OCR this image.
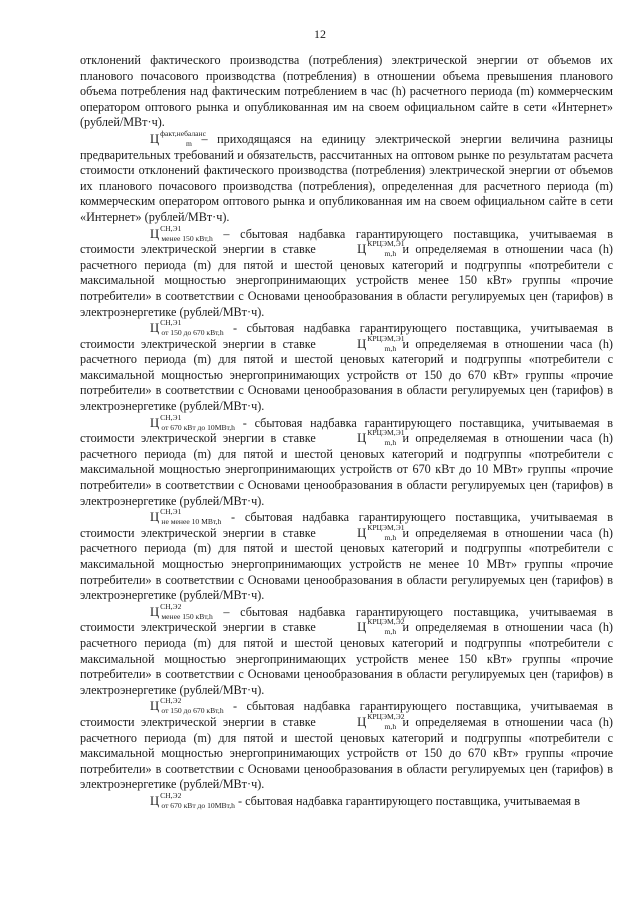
12

отклонений фактического производства (потребления) электрической энергии от объемов их планового почасового производства (потребления) в отношении объема превышения планового объема потребления над фактическим потреблением в час (h) расчетного периода (m) коммерческим оператором оптового рынка и опубликованная им на своем официальном сайте в сети «Интернет» (рублей/МВт·ч).

$Ц^{факт,небаланс}_m$ – приходящаяся на единицу электрической энергии величина разницы предварительных требований и обязательств, рассчитанных на оптовом рынке по результатам расчета стоимости отклонений фактического производства (потребления) электрической энергии от объемов их планового почасового производства (потребления), определенная для расчетного периода (m) коммерческим оператором оптового рынка и опубликованная им на своем официальном сайте в сети «Интернет» (рублей/МВт·ч).

$Ц^{СН,Э1}_{менее 150 кВт,h}$ – сбытовая надбавка гарантирующего поставщика, учитываемая в стоимости электрической энергии в ставке	$Ц^{КРЦЭМ,Э1}_{m,h}$ и определяемая в отношении часа (h) расчетного периода (m) для пятой и шестой ценовых категорий и подгруппы «потребители с максимальной мощностью энергопринимающих устройств менее 150 кВт» группы «прочие потребители» в соответствии с Основами ценообразования в области регулируемых цен (тарифов) в электроэнергетике (рублей/МВт·ч).

$Ц^{СН,Э1}_{от 150 до 670 кВт,h}$ - сбытовая надбавка гарантирующего поставщика, учитываемая в стоимости электрической энергии в ставке	$Ц^{КРЦЭМ,Э1}_{m,h}$ и определяемая в отношении часа (h) расчетного периода (m) для пятой и шестой ценовых категорий и подгруппы «потребители с максимальной мощностью энергопринимающих устройств от 150 до 670 кВт» группы «прочие потребители» в соответствии с Основами ценообразования в области регулируемых цен (тарифов) в электроэнергетике (рублей/МВт·ч).

$Ц^{СН,Э1}_{от 670 кВт до 10МВт,h}$ - сбытовая надбавка гарантирующего поставщика, учитываемая в стоимости электрической энергии в ставке	$Ц^{КРЦЭМ,Э1}_{m,h}$ и определяемая в отношении часа (h) расчетного периода (m) для пятой и шестой ценовых категорий и подгруппы «потребители с максимальной мощностью энергопринимающих устройств от 670 кВт до 10 МВт» группы «прочие потребители» в соответствии с Основами ценообразования в области регулируемых цен (тарифов) в электроэнергетике (рублей/МВт·ч).

$Ц^{СН,Э1}_{не менее 10 МВт,h}$ - сбытовая надбавка гарантирующего поставщика, учитываемая в стоимости электрической энергии в ставке	$Ц^{КРЦЭМ,Э1}_{m,h}$ и определяемая в отношении часа (h) расчетного периода (m) для пятой и шестой ценовых категорий и подгруппы «потребители с максимальной мощностью энергопринимающих устройств не менее 10 МВт» группы «прочие потребители» в соответствии с Основами ценообразования в области регулируемых цен (тарифов) в электроэнергетике (рублей/МВт·ч).

$Ц^{СН,Э2}_{менее 150 кВт,h}$ – сбытовая надбавка гарантирующего поставщика, учитываемая в стоимости электрической энергии в ставке	$Ц^{КРЦЭМ,Э2}_{m,h}$ и определяемая в отношении часа (h) расчетного периода (m) для пятой и шестой ценовых категорий и подгруппы «потребители с максимальной мощностью энергопринимающих устройств менее 150 кВт» группы «прочие потребители» в соответствии с Основами ценообразования в области регулируемых цен (тарифов) в электроэнергетике (рублей/МВт·ч).

$Ц^{СН,Э2}_{от 150 до 670 кВт,h}$ - сбытовая надбавка гарантирующего поставщика, учитываемая в стоимости электрической энергии в ставке	$Ц^{КРЦЭМ,Э2}_{m,h}$ и определяемая в отношении часа (h) расчетного периода (m) для пятой и шестой ценовых категорий и подгруппы «потребители с максимальной мощностью энергопринимающих устройств от 150 до 670 кВт» группы «прочие потребители» в соответствии с Основами ценообразования в области регулируемых цен (тарифов) в электроэнергетике (рублей/МВт·ч).

$Ц^{СН,Э2}_{от 670 кВт до 10МВт,h}$ - сбытовая надбавка гарантирующего поставщика, учитываемая в
